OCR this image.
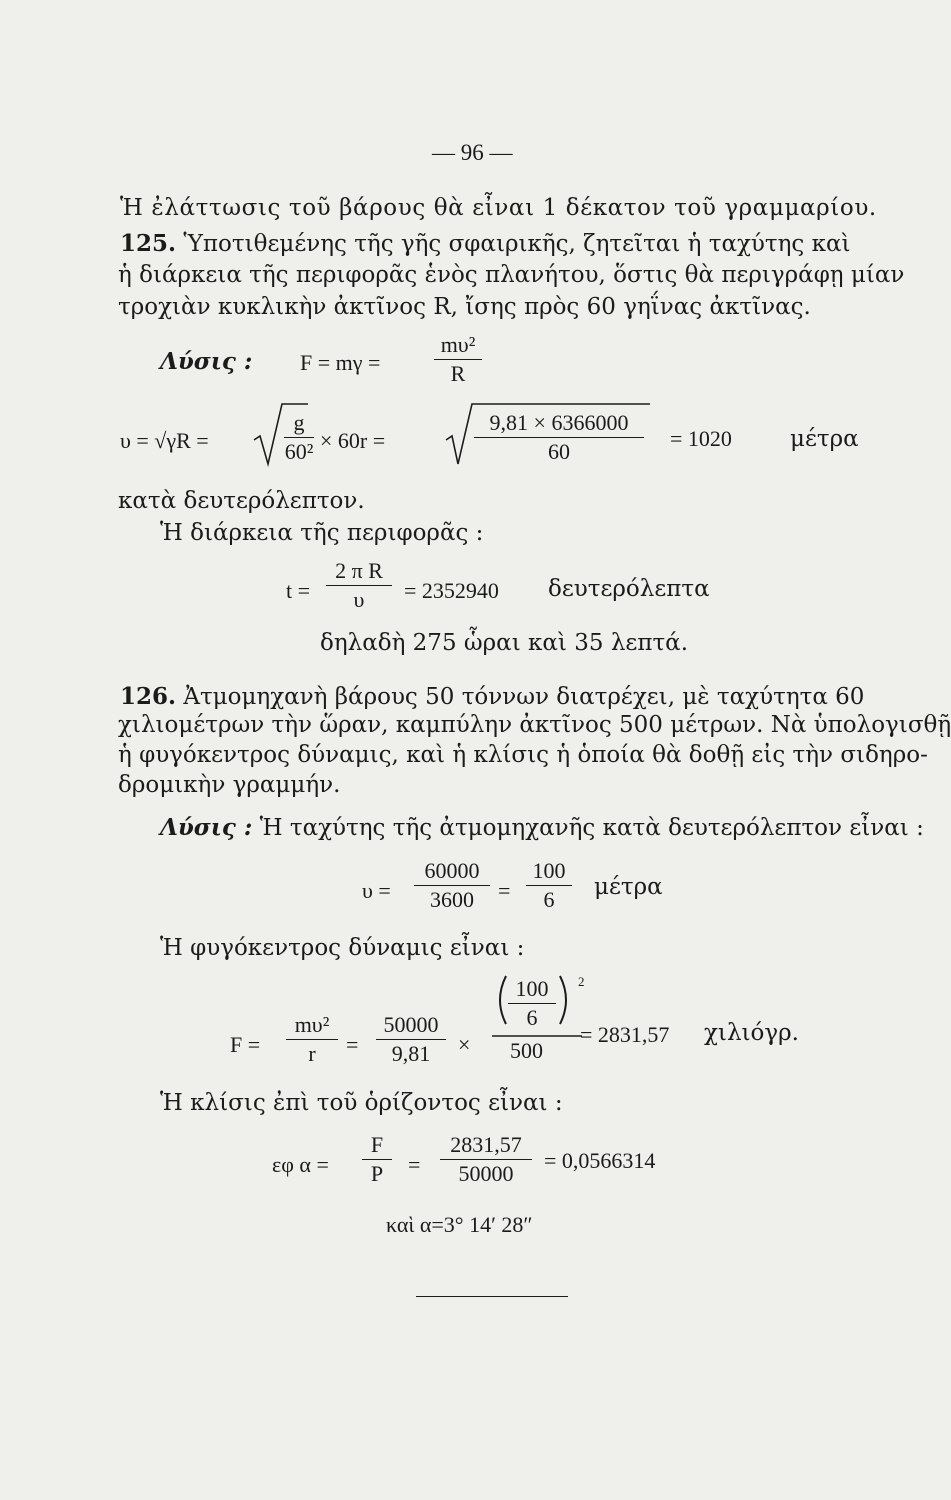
— 96 —
Ἡ ἐλάττωσις τοῦ βάρους θὰ εἶναι 1 δέκατον τοῦ γραμμαρίου.
125. Ὑποτιθεμένης τῆς γῆς σφαιρικῆς, ζητεῖται ἡ ταχύτης καὶ
ἡ διάρκεια τῆς περιφορᾶς ἑνὸς πλανήτου, ὅστις θὰ περιγράφῃ μίαν
τροχιὰν κυκλικὴν ἀκτῖνος R, ἴσης πρὸς 60 γηΐνας ἀκτῖνας.
Λύσις : F = mγ =
mυ²
R
υ = √γR =
g
60² × 60r =
9,81 × 6366000
60
= 1020	μέτρα
κατὰ δευτερόλεπτον.
Ἡ διάρκεια τῆς περιφορᾶς :
t =
2 π R
υ	= 2352940 δευτερόλεπτα
δηλαδὴ 275 ὧραι καὶ 35 λεπτά.
126. Ἀτμομηχανὴ βάρους 50 τόννων διατρέχει, μὲ ταχύτητα 60
χιλιομέτρων τὴν ὥραν, καμπύλην ἀκτῖνος 500 μέτρων. Νὰ ὑπολογισθῇ
ἡ φυγόκεντρος δύναμις, καὶ ἡ κλίσις ἡ ὁποία θὰ δοθῇ εἰς τὴν σιδηρο-
δρομικὴν γραμμήν.
Λύσις : Ἡ ταχύτης τῆς ἀτμομηχανῆς κατὰ δευτερόλεπτον εἶναι :
υ =
60000
3600	=
100
6	μέτρα
Ἡ φυγόκεντρος δύναμις εἶναι :
F =
mυ²
r	=
50000
9,81	×
100
6
2
500
= 2831,57 χιλιόγρ.
Ἡ κλίσις ἐπὶ τοῦ ὁρίζοντος εἶναι :
εφ α =
F
P	=
2831,57
50000
= 0,0566314
καὶ α=3° 14′ 28″
